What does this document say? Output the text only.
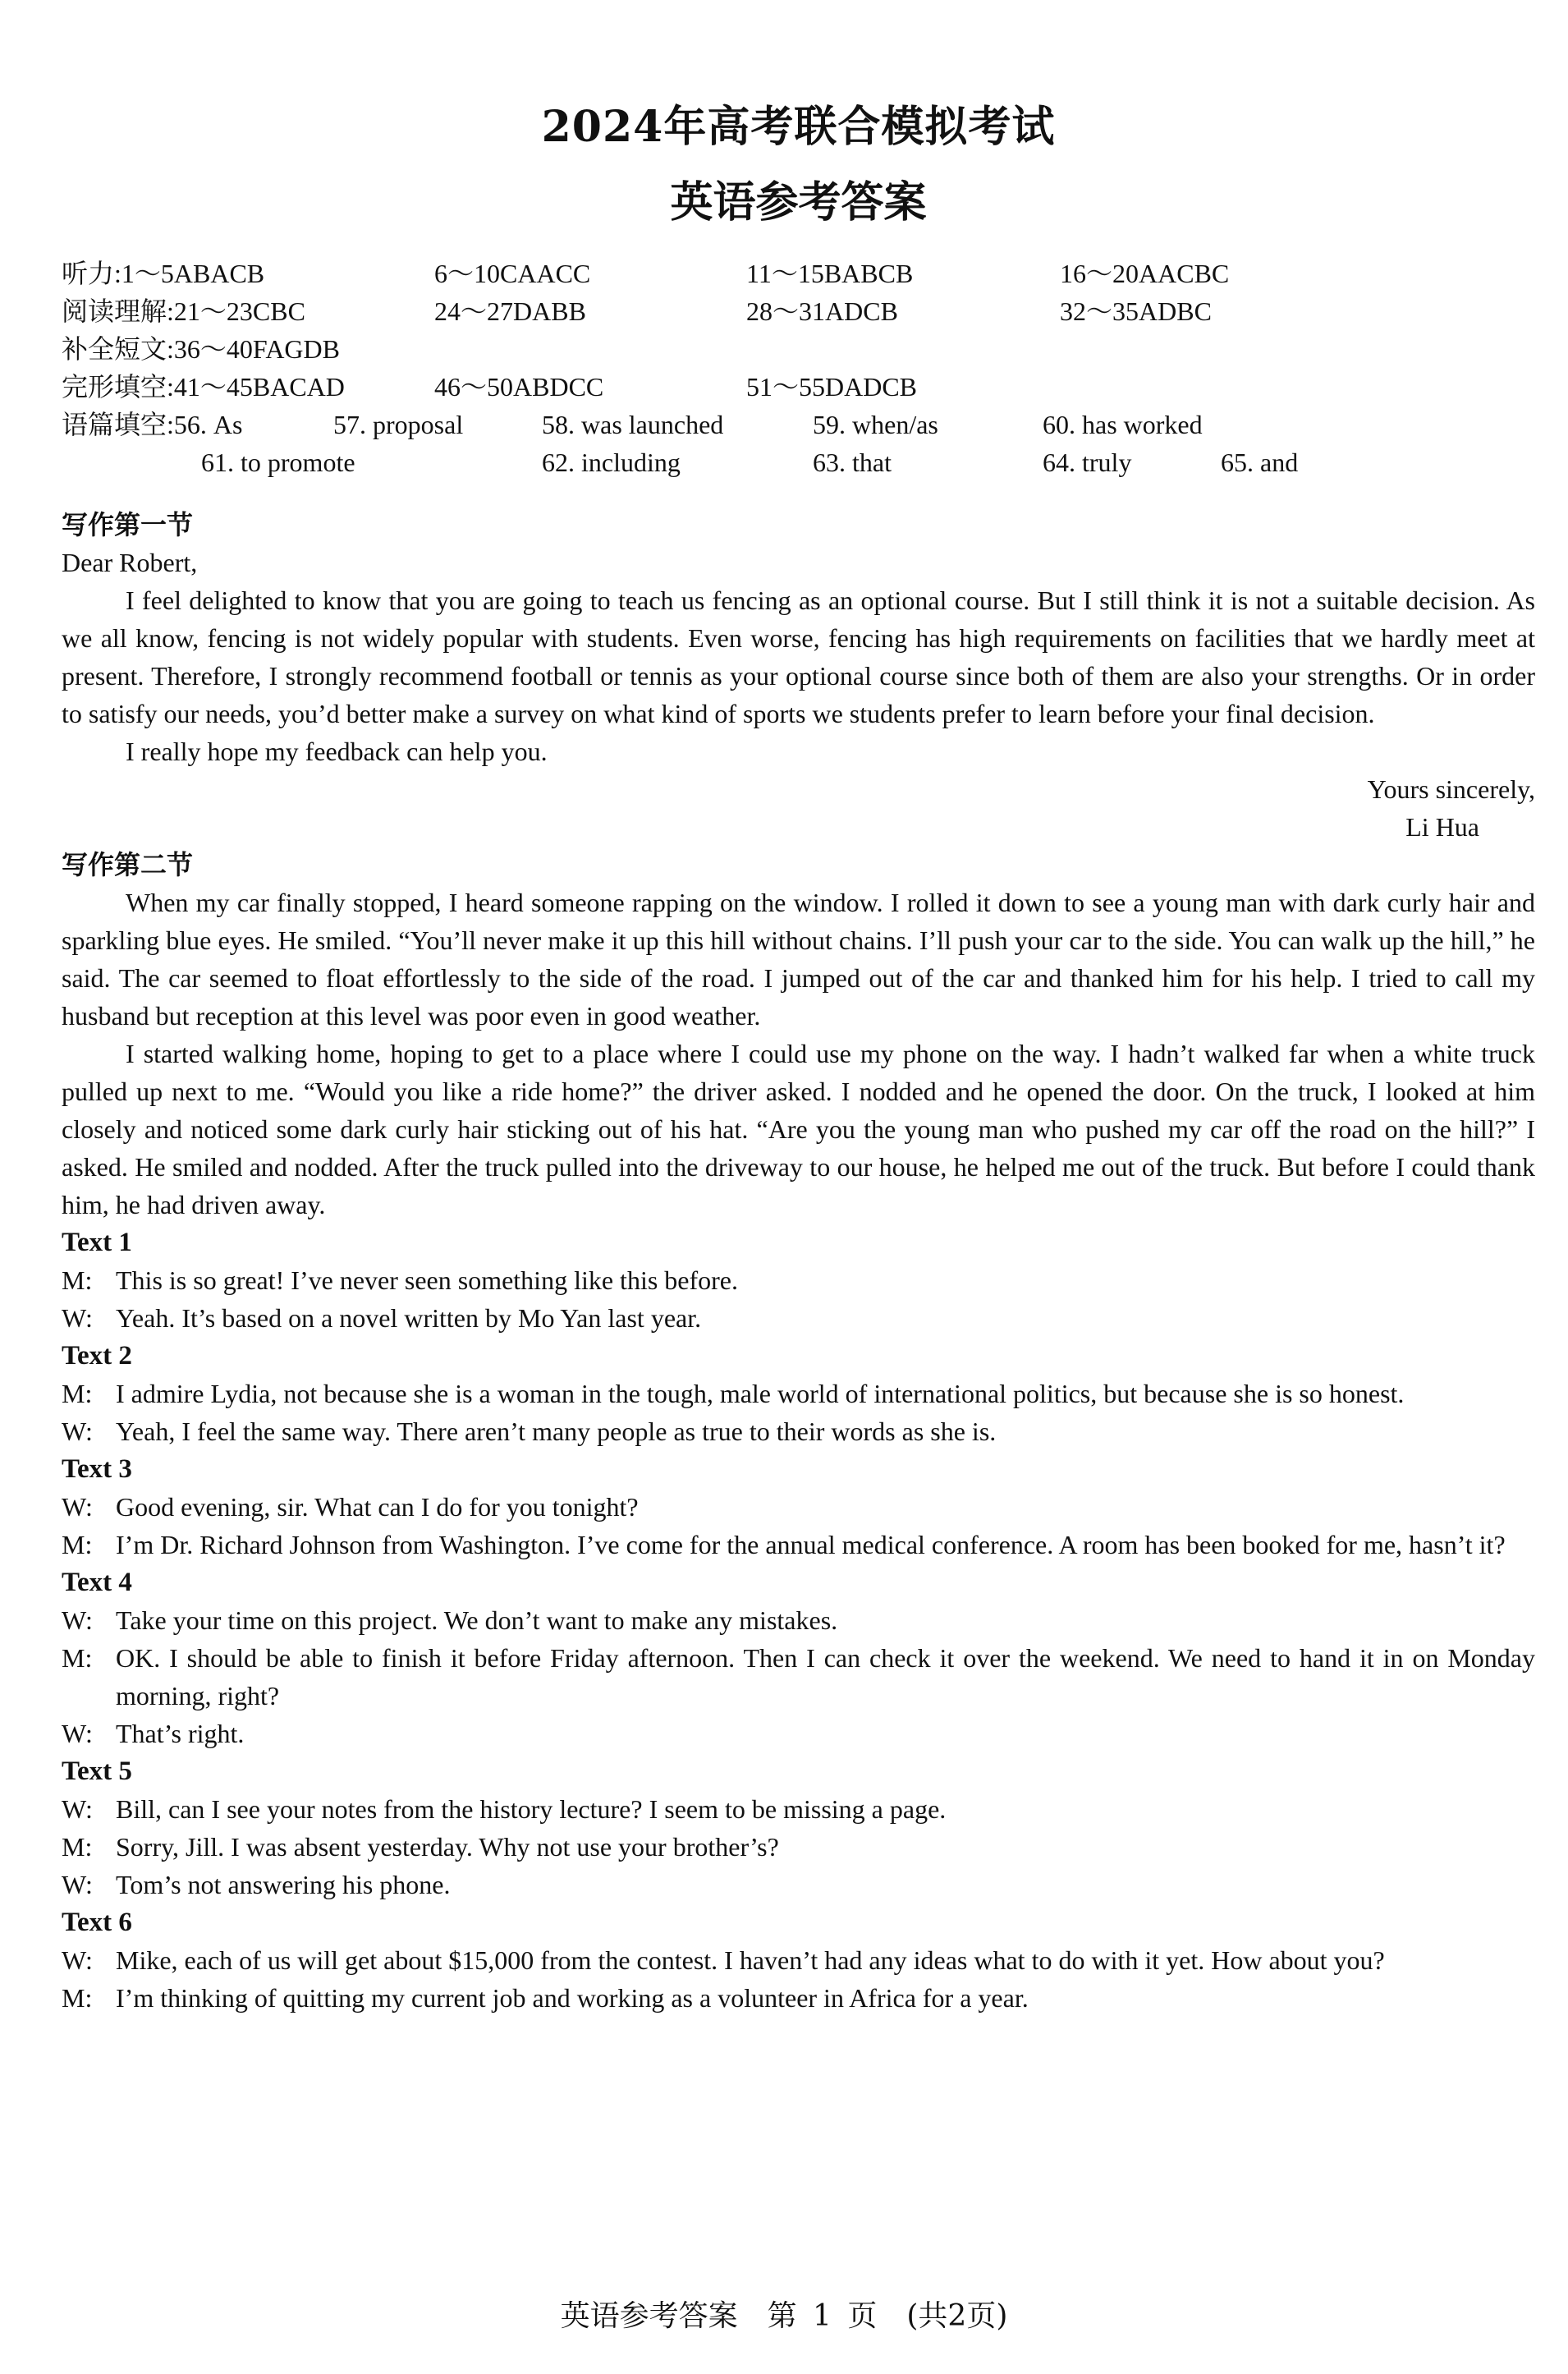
2024年高考联合模拟考试
英语参考答案
听力:1～5ABACB	6～10CAACC	11～15BABCB	16～20AACBC
阅读理解:21～23CBC	24～27DABB	28～31ADCB	32～35ADBC
补全短文:36～40FAGDB
完形填空:41～45BACAD	46～50ABDCC	51～55DADCB
语篇填空:56. As	57. proposal	58. was launched	59. when/as	60. has worked
61. to promote	62. including	63. that	64. truly	65. and
写作第一节

Dear Robert,

I feel delighted to know that you are going to teach us fencing as an optional course. But I still think it is not a suitable decision. As we all know, fencing is not widely popular with students. Even worse, fencing has high requirements on facilities that we hardly meet at present. Therefore, I strongly recommend football or tennis as your optional course since both of them are also your strengths. Or in order to satisfy our needs, you’d better make a survey on what kind of sports we students prefer to learn before your final decision.

I really hope my feedback can help you.

Yours sincerely,
Li Hua
写作第二节

When my car finally stopped, I heard someone rapping on the window. I rolled it down to see a young man with dark curly hair and sparkling blue eyes. He smiled. “You’ll never make it up this hill without chains. I’ll push your car to the side. You can walk up the hill,” he said. The car seemed to float effortlessly to the side of the road. I jumped out of the car and thanked him for his help. I tried to call my husband but reception at this level was poor even in good weather.

I started walking home, hoping to get to a place where I could use my phone on the way. I hadn’t walked far when a white truck pulled up next to me. “Would you like a ride home?” the driver asked. I nodded and he opened the door. On the truck, I looked at him closely and noticed some dark curly hair sticking out of his hat. “Are you the young man who pushed my car off the road on the hill?” I asked. He smiled and nodded. After the truck pulled into the driveway to our house, he helped me out of the truck. But before I could thank him, he had driven away.

Text 1
M: This is so great! I’ve never seen something like this before.
W: Yeah. It’s based on a novel written by Mo Yan last year.
Text 2
M: I admire Lydia, not because she is a woman in the tough, male world of international politics, but because she is so honest.
W: Yeah, I feel the same way. There aren’t many people as true to their words as she is.
Text 3
W: Good evening, sir. What can I do for you tonight?
M: I’m Dr. Richard Johnson from Washington. I’ve come for the annual medical conference. A room has been booked for me, hasn’t it?
Text 4
W: Take your time on this project. We don’t want to make any mistakes.
M: OK. I should be able to finish it before Friday afternoon. Then I can check it over the weekend. We need to hand it in on Monday morning, right?
W: That’s right.
Text 5
W: Bill, can I see your notes from the history lecture? I seem to be missing a page.
M: Sorry, Jill. I was absent yesterday. Why not use your brother’s?
W: Tom’s not answering his phone.
Text 6
W: Mike, each of us will get about $15,000 from the contest. I haven’t had any ideas what to do with it yet. How about you?
M: I’m thinking of quitting my current job and working as a volunteer in Africa for a year.
英语参考答案　第 1 页　(共2页)
